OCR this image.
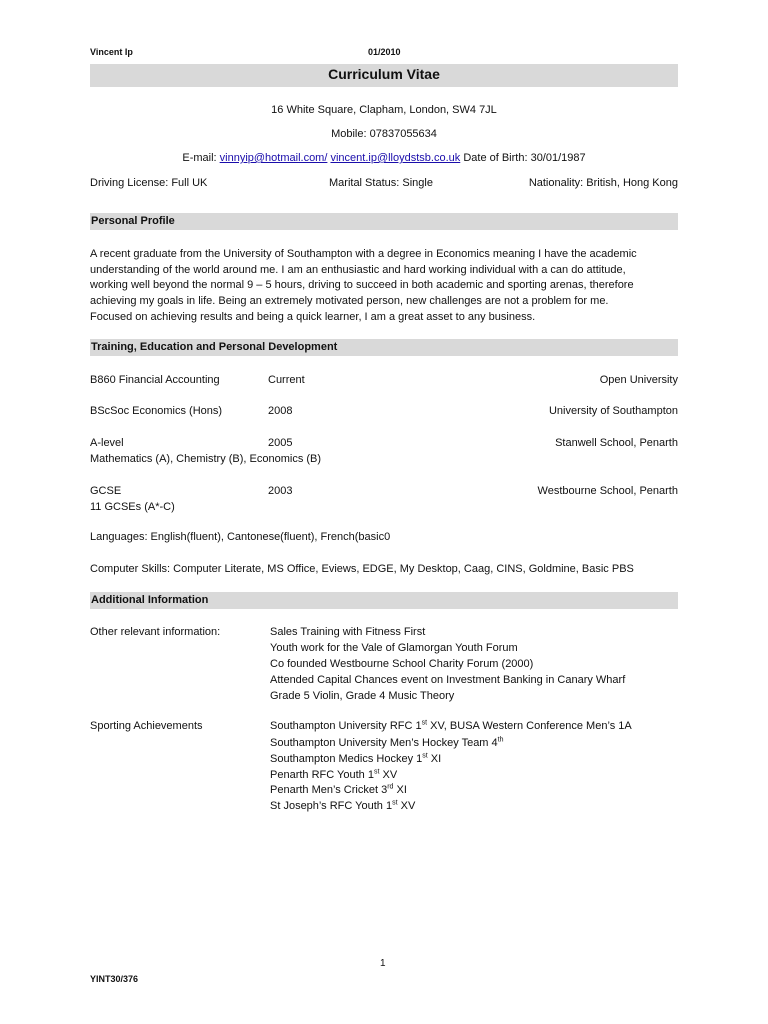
Vincent Ip	01/2010
Curriculum Vitae
16 White Square, Clapham, London, SW4 7JL
Mobile: 07837055634
E-mail: vinnyip@hotmail.com/ vincent.ip@lloydstsb.co.uk Date of Birth: 30/01/1987
Driving License: Full UK	Marital Status: Single	Nationality: British, Hong Kong
Personal Profile
A recent graduate from the University of Southampton with a degree in Economics meaning I have the academic
understanding of the world around me. I am an enthusiastic and hard working individual with a can do attitude,
working well beyond the normal 9 – 5 hours, driving to succeed in both academic and sporting arenas, therefore
achieving my goals in life. Being an extremely motivated person, new challenges are not a problem for me.
Focused on achieving results and being a quick learner, I am a great asset to any business.
Training, Education and Personal Development
B860 Financial Accounting	Current	Open University
BScSoc Economics (Hons)	2008	University of Southampton
A-level	2005	Stanwell School, Penarth
Mathematics (A), Chemistry (B), Economics (B)
GCSE	2003	Westbourne School, Penarth
11 GCSEs (A*-C)
Languages: English(fluent), Cantonese(fluent), French(basic0
Computer Skills: Computer Literate, MS Office, Eviews, EDGE, My Desktop, Caag, CINS, Goldmine, Basic PBS
Additional Information
Other relevant information:	Sales Training with Fitness First
Youth work for the Vale of Glamorgan Youth Forum
Co founded Westbourne School Charity Forum (2000)
Attended Capital Chances event on Investment Banking in Canary Wharf
Grade 5 Violin, Grade 4 Music Theory
Sporting Achievements	Southampton University RFC 1st XV, BUSA Western Conference Men’s 1A
Southampton University Men’s Hockey Team 4th
Southampton Medics Hockey 1st XI
Penarth RFC Youth 1st XV
Penarth Men’s Cricket 3rd XI
St Joseph’s RFC Youth 1st XV
1
YINT30/376
